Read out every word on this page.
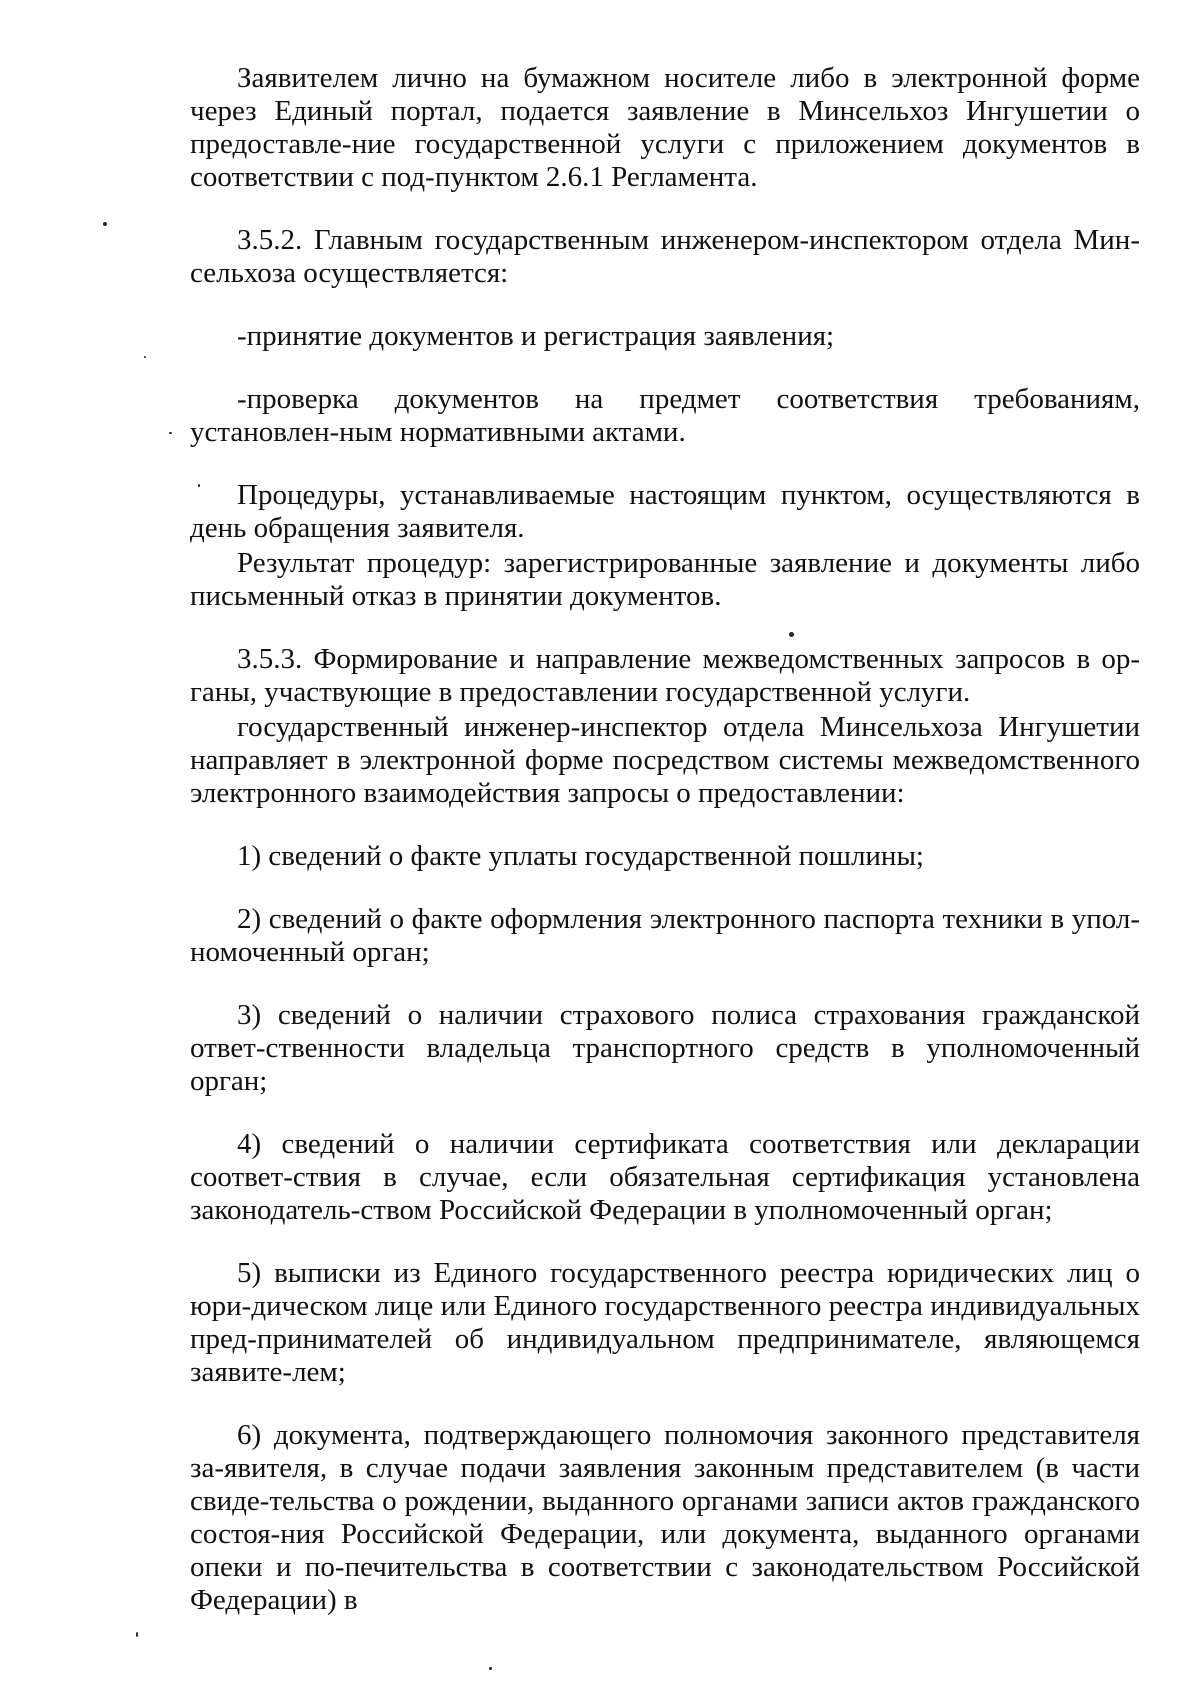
Заявителем лично на бумажном носителе либо в электронной форме через Единый портал, подается заявление в Минсельхоз Ингушетии о предоставле-ние государственной услуги с приложением документов в соответствии с под-пунктом 2.6.1 Регламента.

3.5.2. Главным государственным инженером-инспектором отдела Мин-сельхоза осуществляется:

-принятие документов и регистрация заявления;

-проверка документов на предмет соответствия требованиям, установлен-ным нормативными актами.

Процедуры, устанавливаемые настоящим пунктом, осуществляются в день обращения заявителя.

Результат процедур: зарегистрированные заявление и документы либо письменный отказ в принятии документов.

3.5.3. Формирование и направление межведомственных запросов в ор-ганы, участвующие в предоставлении государственной услуги.

государственный инженер-инспектор отдела Минсельхоза Ингушетии направляет в электронной форме посредством системы межведомственного электронного взаимодействия запросы о предоставлении:

1) сведений о факте уплаты государственной пошлины;

2) сведений о факте оформления электронного паспорта техники в упол-номоченный орган;

3) сведений о наличии страхового полиса страхования гражданской ответ-ственности владельца транспортного средств в уполномоченный орган;

4) сведений о наличии сертификата соответствия или декларации соответ-ствия в случае, если обязательная сертификация установлена законодатель-ством Российской Федерации в уполномоченный орган;

5) выписки из Единого государственного реестра юридических лиц о юри-дическом лице или Единого государственного реестра индивидуальных пред-принимателей об индивидуальном предпринимателе, являющемся заявите-лем;

6) документа, подтверждающего полномочия законного представителя за-явителя, в случае подачи заявления законным представителем (в части свиде-тельства о рождении, выданного органами записи актов гражданского состоя-ния Российской Федерации, или документа, выданного органами опеки и по-печительства в соответствии с законодательством Российской Федерации) в
